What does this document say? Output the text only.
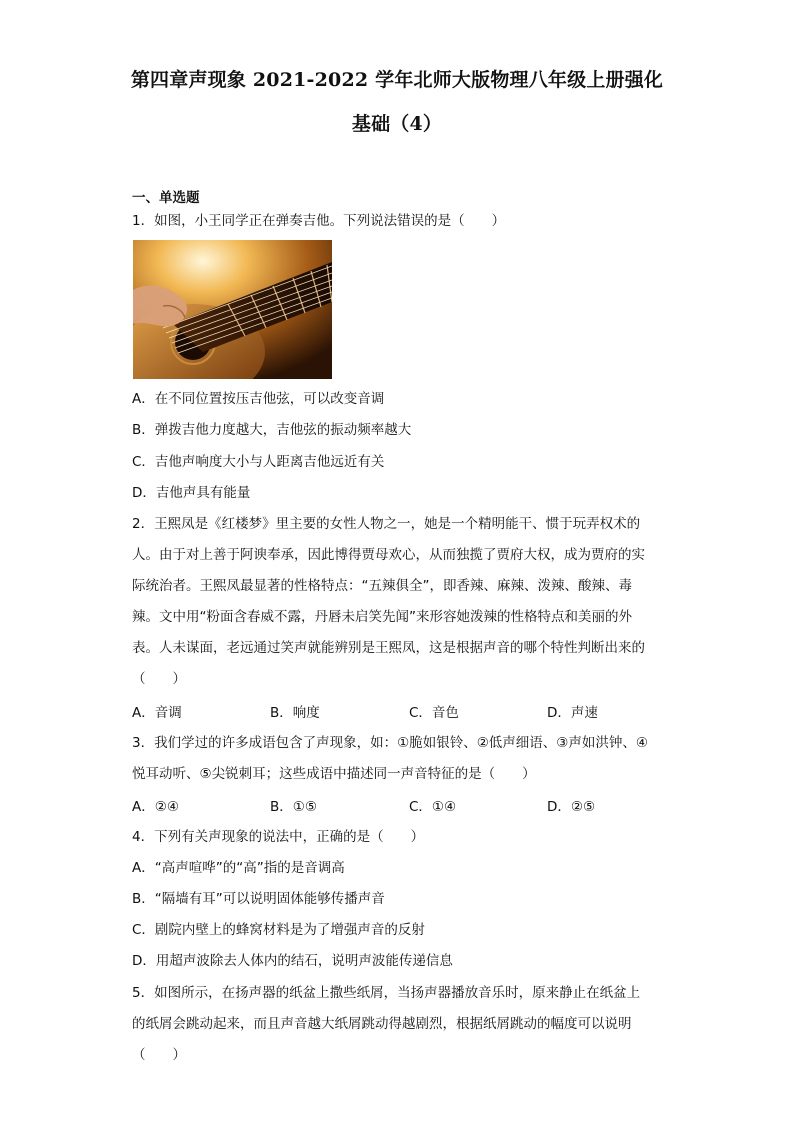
第四章声现象 2021-2022 学年北师大版物理八年级上册强化
基础（4）
一、单选题
1．如图，小王同学正在弹奏吉他。下列说法错误的是（　　）
A．在不同位置按压吉他弦，可以改变音调
B．弹拨吉他力度越大，吉他弦的振动频率越大
C．吉他声响度大小与人距离吉他远近有关
D．吉他声具有能量
2．王熙凤是《红楼梦》里主要的女性人物之一，她是一个精明能干、惯于玩弄权术的
人。由于对上善于阿谀奉承，因此博得贾母欢心，从而独揽了贾府大权，成为贾府的实
际统治者。王熙凤最显著的性格特点：“五辣俱全”，即香辣、麻辣、泼辣、酸辣、毒
辣。文中用“粉面含春威不露，丹唇未启笑先闻”来形容她泼辣的性格特点和美丽的外
表。人未谋面，老远通过笑声就能辨别是王熙凤，这是根据声音的哪个特性判断出来的
（　　）
A．音调	B．响度	C．音色	D．声速
3．我们学过的许多成语包含了声现象，如：①脆如银铃、②低声细语、③声如洪钟、④
悦耳动听、⑤尖锐刺耳；这些成语中描述同一声音特征的是（　　）
A．②④	B．①⑤	C．①④	D．②⑤
4．下列有关声现象的说法中，正确的是（　　）
A．“高声喧哗”的“高”指的是音调高
B．“隔墙有耳”可以说明固体能够传播声音
C．剧院内壁上的蜂窝材料是为了增强声音的反射
D．用超声波除去人体内的结石，说明声波能传递信息
5．如图所示，在扬声器的纸盆上撒些纸屑，当扬声器播放音乐时，原来静止在纸盆上
的纸屑会跳动起来，而且声音越大纸屑跳动得越剧烈，根据纸屑跳动的幅度可以说明
（　　）
